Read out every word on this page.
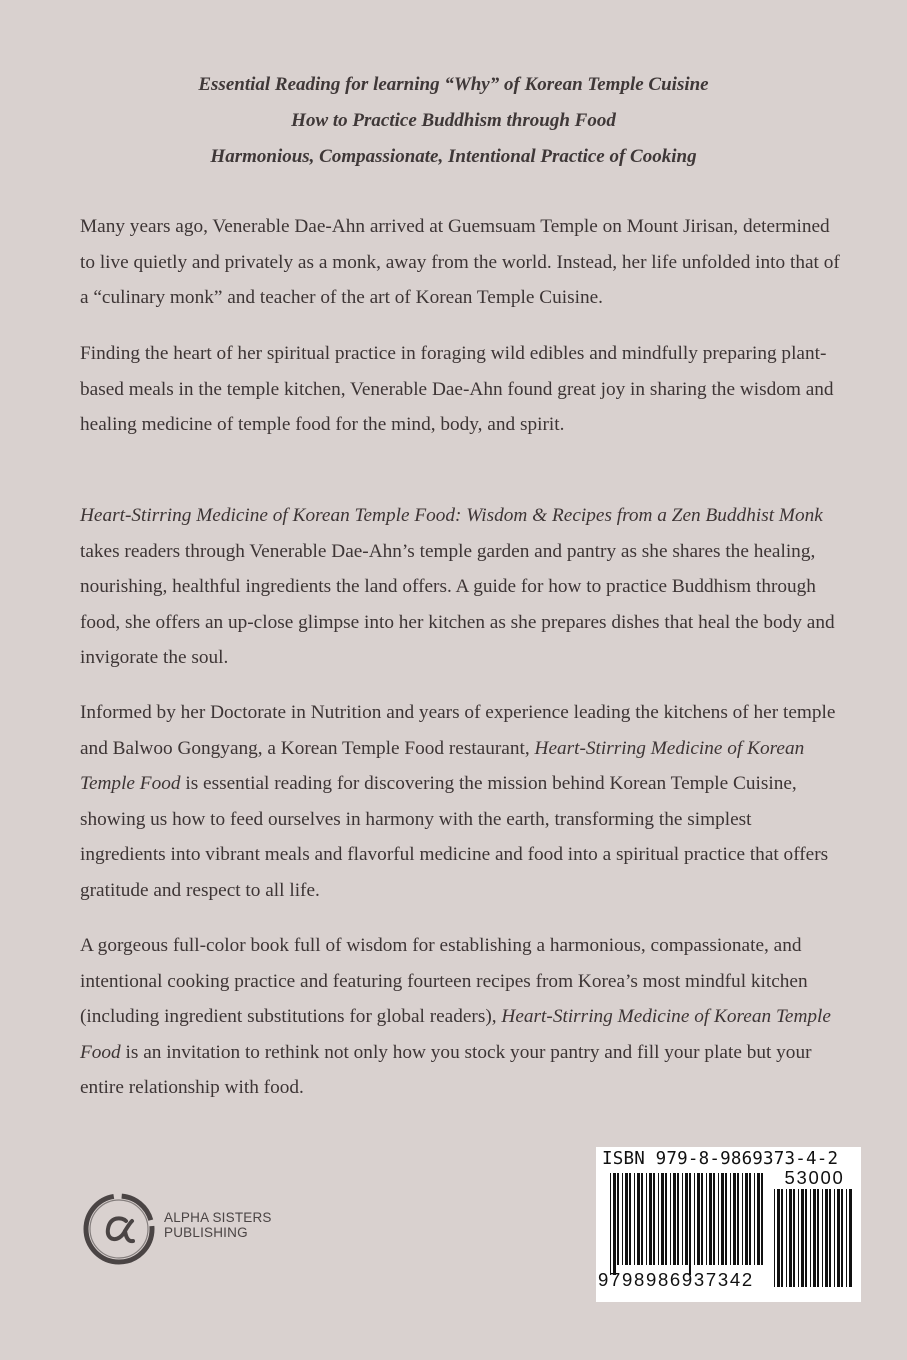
Essential Reading for learning “Why” of Korean Temple Cuisine
How to Practice Buddhism through Food
Harmonious, Compassionate, Intentional Practice of Cooking

Many years ago, Venerable Dae-Ahn arrived at Guemsuam Temple on Mount Jirisan, determined to live quietly and privately as a monk, away from the world. Instead, her life unfolded into that of a “culinary monk” and teacher of the art of Korean Temple Cuisine.

Finding the heart of her spiritual practice in foraging wild edibles and mindfully preparing plant-based meals in the temple kitchen, Venerable Dae-Ahn found great joy in sharing the wisdom and healing medicine of temple food for the mind, body, and spirit.

Heart-Stirring Medicine of Korean Temple Food: Wisdom & Recipes from a Zen Buddhist Monk takes readers through Venerable Dae-Ahn’s temple garden and pantry as she shares the healing, nourishing, healthful ingredients the land offers. A guide for how to practice Buddhism through food, she offers an up-close glimpse into her kitchen as she prepares dishes that heal the body and invigorate the soul.

Informed by her Doctorate in Nutrition and years of experience leading the kitchens of her temple and Balwoo Gongyang, a Korean Temple Food restaurant, Heart-Stirring Medicine of Korean Temple Food is essential reading for discovering the mission behind Korean Temple Cuisine, showing us how to feed ourselves in harmony with the earth, transforming the simplest ingredients into vibrant meals and flavorful medicine and food into a spiritual practice that offers gratitude and respect to all life.

A gorgeous full-color book full of wisdom for establishing a harmonious, compassionate, and intentional cooking practice and featuring fourteen recipes from Korea’s most mindful kitchen (including ingredient substitutions for global readers), Heart-Stirring Medicine of Korean Temple Food is an invitation to rethink not only how you stock your pantry and fill your plate but your entire relationship with food.

ALPHA SISTERS
PUBLISHING
ISBN 979-8-9869373-4-2
9798986937342
53000
